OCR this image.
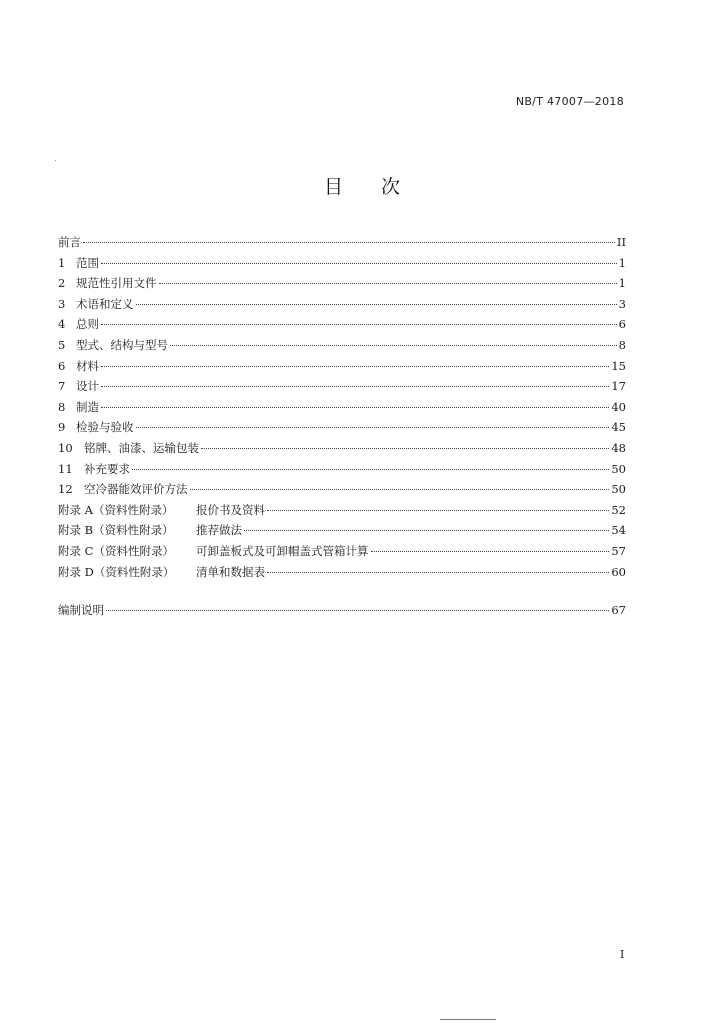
NB/T 47007—2018
目 次
前言	II
1 范围	1
2 规范性引用文件	1
3 术语和定义	3
4 总则	6
5 型式、结构与型号	8
6 材料	15
7 设计	17
8 制造	40
9 检验与验收	45
10 铭牌、油漆、运输包装	48
11 补充要求	50
12 空冷器能效评价方法	50
附录 A（资料性附录）	报价书及资料	52
附录 B（资料性附录）	推荐做法	54
附录 C（资料性附录）	可卸盖板式及可卸帽盖式管箱计算	57
附录 D（资料性附录）	清单和数据表	60
编制说明	67
I
